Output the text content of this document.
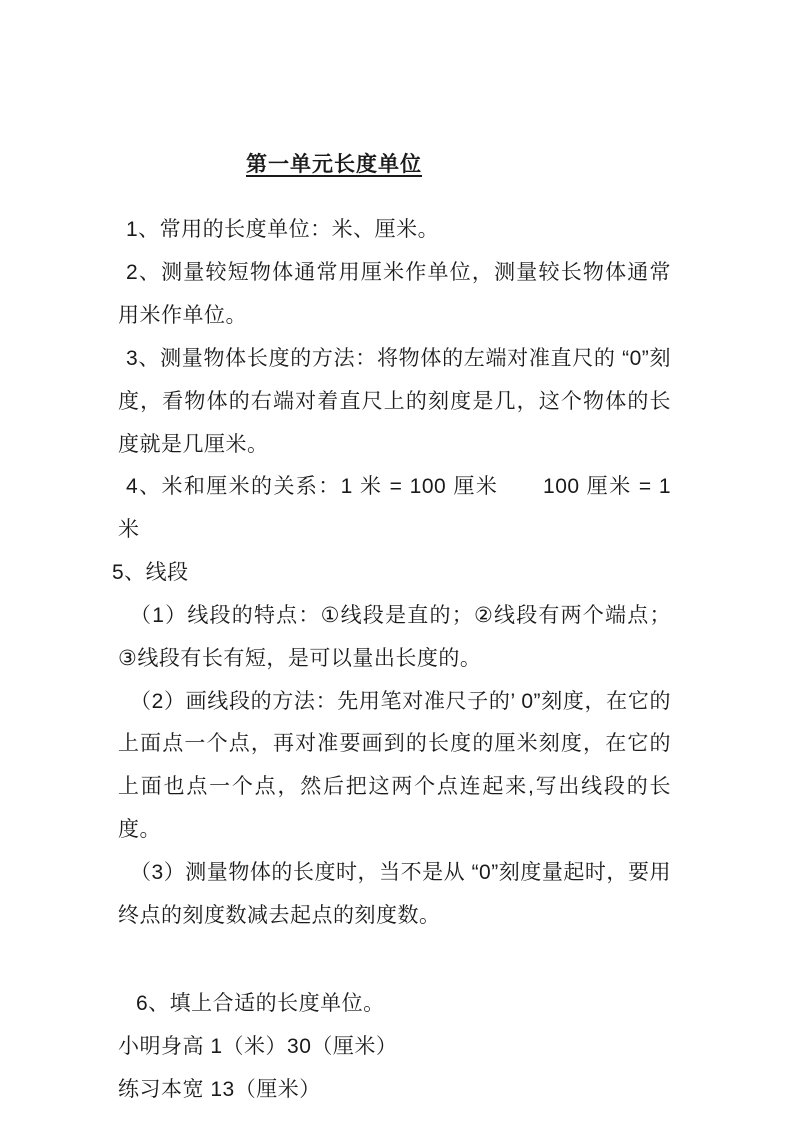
第一单元长度单位

1、常用的长度单位：米、厘米。

2、测量较短物体通常用厘米作单位，测量较长物体通常用米作单位。

3、测量物体长度的方法：将物体的左端对准直尺的 “0”刻度，看物体的右端对着直尺上的刻度是几，这个物体的长度就是几厘米。

4、米和厘米的关系：1 米 = 100 厘米　　100 厘米 = 1 米

5、线段

（1）线段的特点：①线段是直的；②线段有两个端点；③线段有长有短，是可以量出长度的。

（2）画线段的方法：先用笔对准尺子的’ 0”刻度，在它的上面点一个点，再对准要画到的长度的厘米刻度，在它的上面也点一个点，然后把这两个点连起来,写出线段的长度。

（3）测量物体的长度时，当不是从 “0”刻度量起时，要用终点的刻度数减去起点的刻度数。

6、填上合适的长度单位。

小明身高 1（米）30（厘米）

练习本宽 13（厘米）
